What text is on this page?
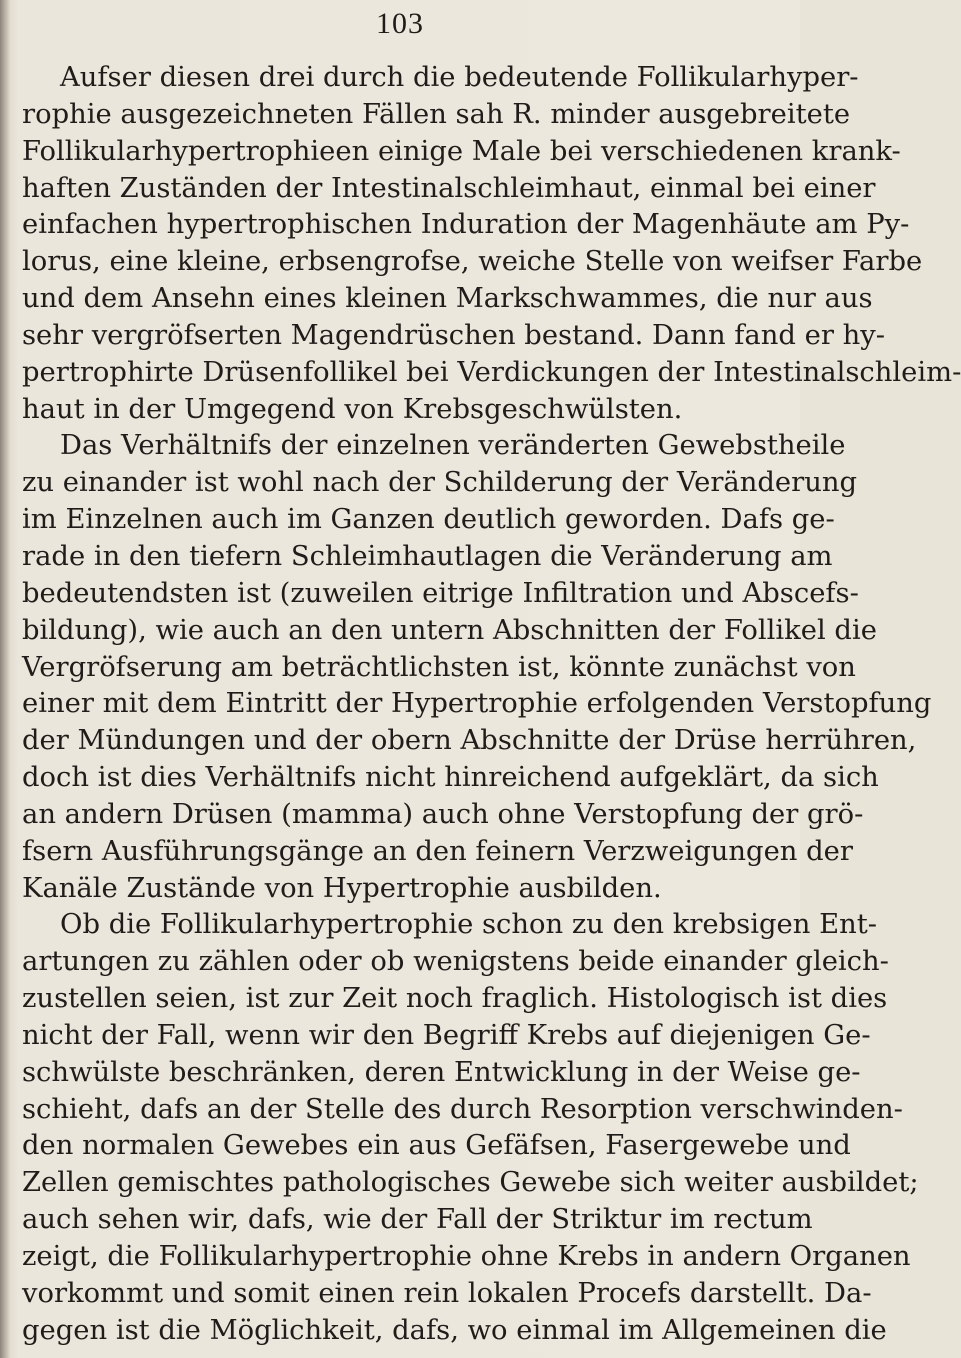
103
Aufser diesen drei durch die bedeutende Follikularhyper-
rophie ausgezeichneten Fällen sah R. minder ausgebreitete
Follikularhypertrophieen einige Male bei verschiedenen krank-
haften Zuständen der Intestinalschleimhaut, einmal bei einer
einfachen hypertrophischen Induration der Magenhäute am Py-
lorus, eine kleine, erbsengrofse, weiche Stelle von weifser Farbe
und dem Ansehn eines kleinen Markschwammes, die nur aus
sehr vergröfserten Magendrüschen bestand. Dann fand er hy-
pertrophirte Drüsenfollikel bei Verdickungen der Intestinalschleim-
haut in der Umgegend von Krebsgeschwülsten.
Das Verhältnifs der einzelnen veränderten Gewebstheile
zu einander ist wohl nach der Schilderung der Veränderung
im Einzelnen auch im Ganzen deutlich geworden. Dafs ge-
rade in den tiefern Schleimhautlagen die Veränderung am
bedeutendsten ist (zuweilen eitrige Infiltration und Abscefs-
bildung), wie auch an den untern Abschnitten der Follikel die
Vergröfserung am beträchtlichsten ist, könnte zunächst von
einer mit dem Eintritt der Hypertrophie erfolgenden Verstopfung
der Mündungen und der obern Abschnitte der Drüse herrühren,
doch ist dies Verhältnifs nicht hinreichend aufgeklärt, da sich
an andern Drüsen (mamma) auch ohne Verstopfung der grö-
fsern Ausführungsgänge an den feinern Verzweigungen der
Kanäle Zustände von Hypertrophie ausbilden.
Ob die Follikularhypertrophie schon zu den krebsigen Ent-
artungen zu zählen oder ob wenigstens beide einander gleich-
zustellen seien, ist zur Zeit noch fraglich. Histologisch ist dies
nicht der Fall, wenn wir den Begriff Krebs auf diejenigen Ge-
schwülste beschränken, deren Entwicklung in der Weise ge-
schieht, dafs an der Stelle des durch Resorption verschwinden-
den normalen Gewebes ein aus Gefäfsen, Fasergewebe und
Zellen gemischtes pathologisches Gewebe sich weiter ausbildet;
auch sehen wir, dafs, wie der Fall der Striktur im rectum
zeigt, die Follikularhypertrophie ohne Krebs in andern Organen
vorkommt und somit einen rein lokalen Procefs darstellt. Da-
gegen ist die Möglichkeit, dafs, wo einmal im Allgemeinen die
